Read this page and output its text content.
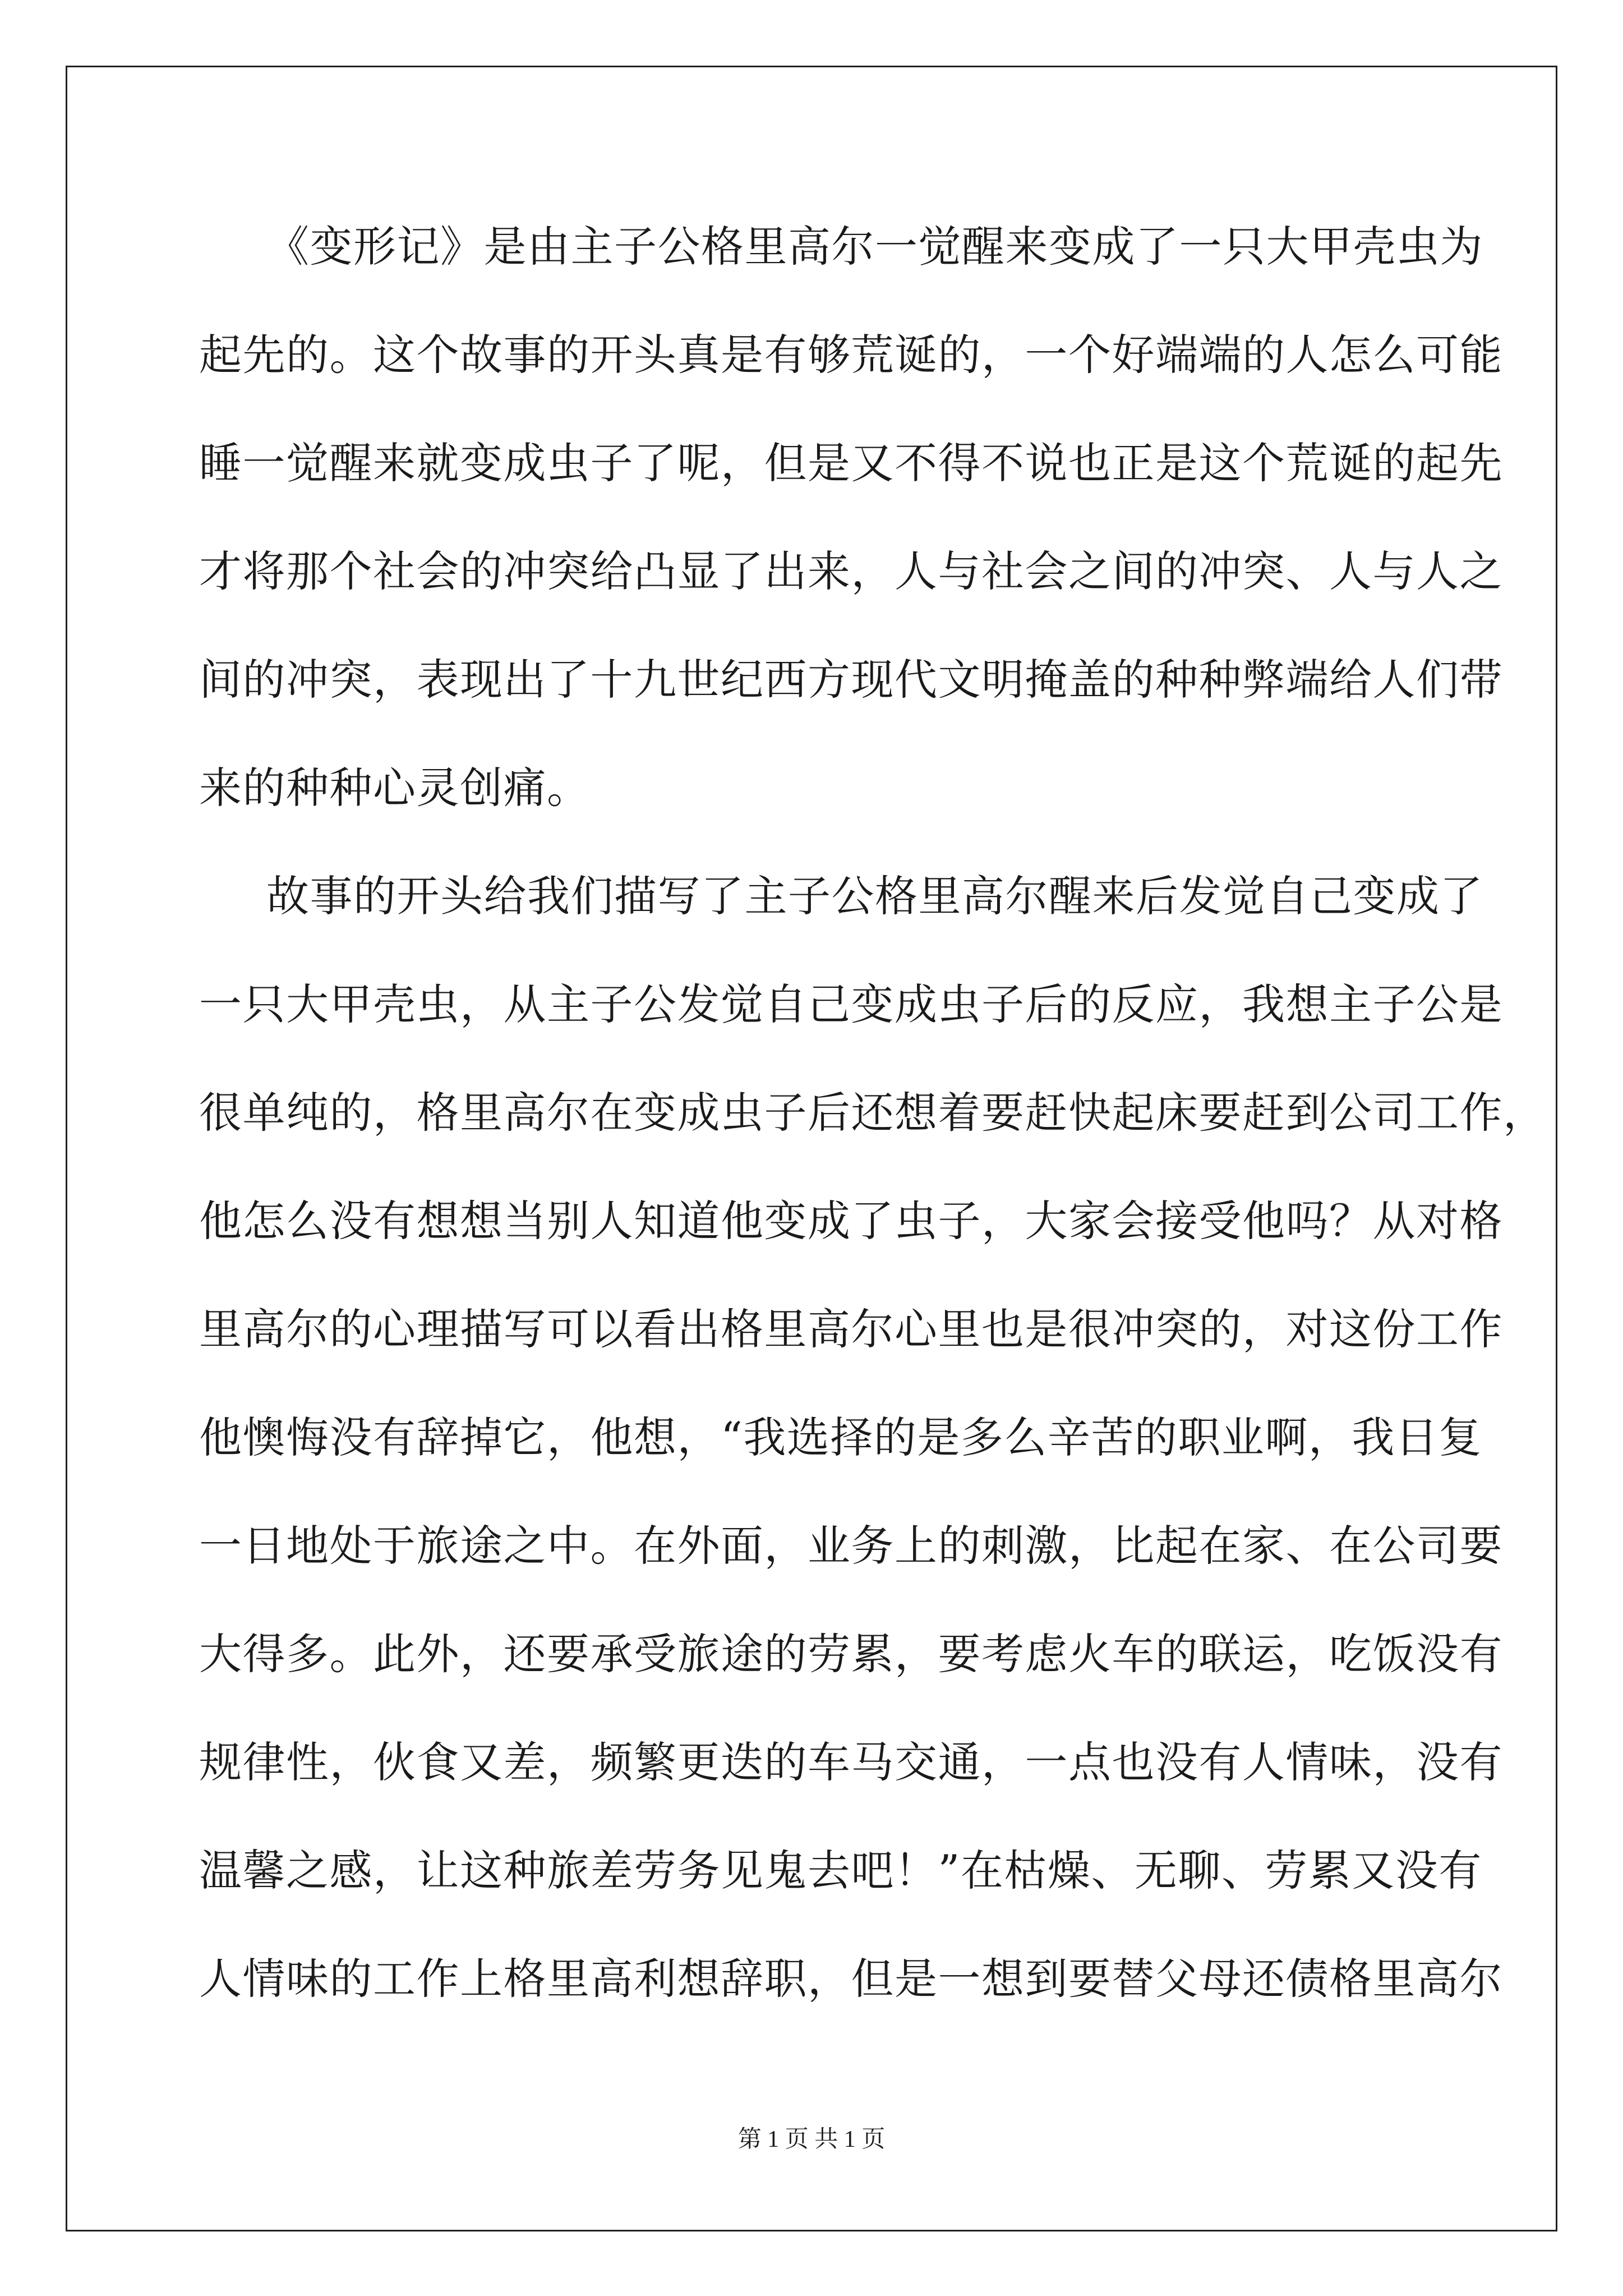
《变形记》是由主子公格里高尔一觉醒来变成了一只大甲壳虫为
起先的。这个故事的开头真是有够荒诞的，一个好端端的人怎么可能
睡一觉醒来就变成虫子了呢，但是又不得不说也正是这个荒诞的起先
才将那个社会的冲突给凸显了出来，人与社会之间的冲突、人与人之
间的冲突，表现出了十九世纪西方现代文明掩盖的种种弊端给人们带
来的种种心灵创痛。
故事的开头给我们描写了主子公格里高尔醒来后发觉自己变成了
一只大甲壳虫，从主子公发觉自己变成虫子后的反应，我想主子公是
很单纯的，格里高尔在变成虫子后还想着要赶快起床要赶到公司工作，
他怎么没有想想当别人知道他变成了虫子，大家会接受他吗？从对格
里高尔的心理描写可以看出格里高尔心里也是很冲突的，对这份工作
他懊悔没有辞掉它，他想，“我选择的是多么辛苦的职业啊，我日复
一日地处于旅途之中。在外面，业务上的刺激，比起在家、在公司要
大得多。此外，还要承受旅途的劳累，要考虑火车的联运，吃饭没有
规律性，伙食又差，频繁更迭的车马交通，一点也没有人情味，没有
温馨之感，让这种旅差劳务见鬼去吧！”在枯燥、无聊、劳累又没有
人情味的工作上格里高利想辞职，但是一想到要替父母还债格里高尔
第 1 页 共 1 页
